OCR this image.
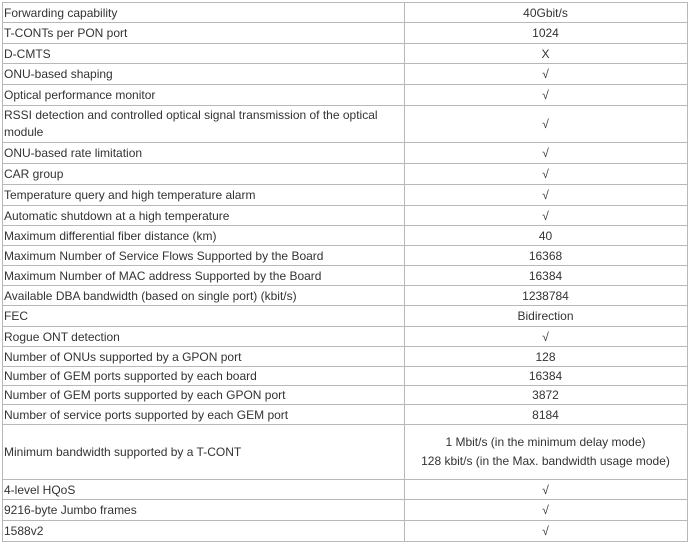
Forwarding capability	40Gbit/s

T-CONTs per PON port	1024

D-CMTS	X

ONU-based shaping	√

Optical performance monitor	√

RSSI detection and controlled optical signal transmission of the optical module	√

ONU-based rate limitation	√

CAR group	√

Temperature query and high temperature alarm	√

Automatic shutdown at a high temperature	√

Maximum differential fiber distance (km)	40

Maximum Number of Service Flows Supported by the Board	16368

Maximum Number of MAC address Supported by the Board	16384

Available DBA bandwidth (based on single port) (kbit/s)	1238784

FEC	Bidirection

Rogue ONT detection	√

Number of ONUs supported by a GPON port	128

Number of GEM ports supported by each board	16384

Number of GEM ports supported by each GPON port	3872

Number of service ports supported by each GEM port	8184

Minimum bandwidth supported by a T-CONT	1 Mbit/s (in the minimum delay mode)
128 kbit/s (in the Max. bandwidth usage mode)

4-level HQoS	√

9216-byte Jumbo frames	√

1588v2	√
